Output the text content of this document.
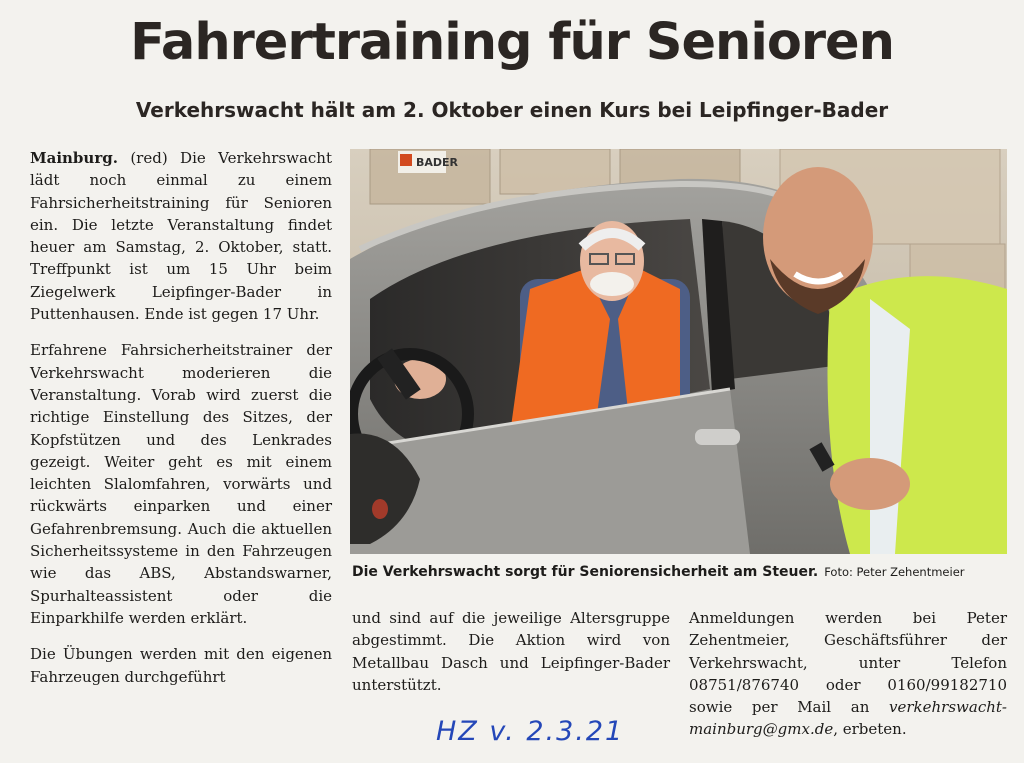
Fahrertraining für Senioren
Verkehrswacht hält am 2. Oktober einen Kurs bei Leipfinger-Bader

Mainburg. (red) Die Verkehrswacht lädt noch einmal zu einem Fahrsicherheitstraining für Senioren ein. Die letzte Veranstaltung findet heuer am Samstag, 2. Oktober, statt. Treffpunkt ist um 15 Uhr beim Ziegelwerk Leipfinger-Bader in Puttenhausen. Ende ist gegen 17 Uhr.

Erfahrene Fahrsicherheitstrainer der Verkehrswacht moderieren die Veranstaltung. Vorab wird zuerst die richtige Einstellung des Sitzes, der Kopfstützen und des Lenkrades gezeigt. Weiter geht es mit einem leichten Slalomfahren, vorwärts und rückwärts einparken und einer Gefahrenbremsung. Auch die aktuellen Sicherheitssysteme in den Fahrzeugen wie das ABS, Abstandswarner, Spurhalteassistent oder die Einparkhilfe werden erklärt.

Die Übungen werden mit den eigenen Fahrzeugen durchgeführt

BADER
Die Verkehrswacht sorgt für Seniorensicherheit am Steuer. Foto: Peter Zehentmeier

und sind auf die jeweilige Altersgruppe abgestimmt. Die Aktion wird von Metallbau Dasch und Leipfinger-Bader unterstützt.

Anmeldungen werden bei Peter Zehentmeier, Geschäftsführer der Verkehrswacht, unter Telefon 08751/876740 oder 0160/99182710 sowie per Mail an verkehrswacht-mainburg@gmx.de, erbeten.

HZ v. 2.3.21
